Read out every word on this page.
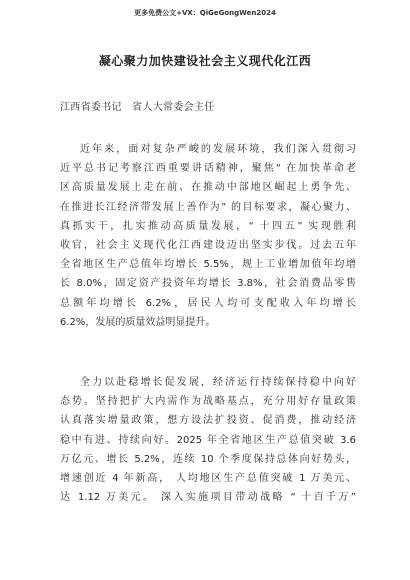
更多免费公文+VX：QiGeGongWen2024
凝心聚力加快建设社会主义现代化江西
江西省委书记　省人大常委会主任
近年来，面对复杂严峻的发展环境，我们深入贯彻习
近平总书记考察江西重要讲话精神，聚焦“ 在加快革命老
区高质量发展上走在前、在推动中部地区崛起上勇争先、
在推进长江经济带发展上善作为” 的目标要求，凝心聚力、
真抓实干，扎实推动高质量发展，“ 十四五” 实现胜利
收官，社会主义现代化江西建设迈出坚实步伐。过去五年
全省地区生产总值年均增长 5.5%，规上工业增加值年均增
长 8.0%，固定资产投资年均增长 3.8%，社会消费品零售
总额年均增长 6.2%，居民人均可支配收入年均增长
6.2%，发展的质量效益明显提升。
全力以赴稳增长促发展，经济运行持续保持稳中向好
态势。坚持把扩大内需作为战略基点，充分用好存量政策
认真落实增量政策，想方设法扩投资、促消费，推动经济
稳中有进、持续向好。2025 年全省地区生产总值突破 3.6
万亿元、增长 5.2%，连续 10 个季度保持总体向好势头，
增速创近 4 年新高， 人均地区生产总值突破 1 万美元、
达 1.12 万美元。 深入实施项目带动战略 “ 十百千万”
